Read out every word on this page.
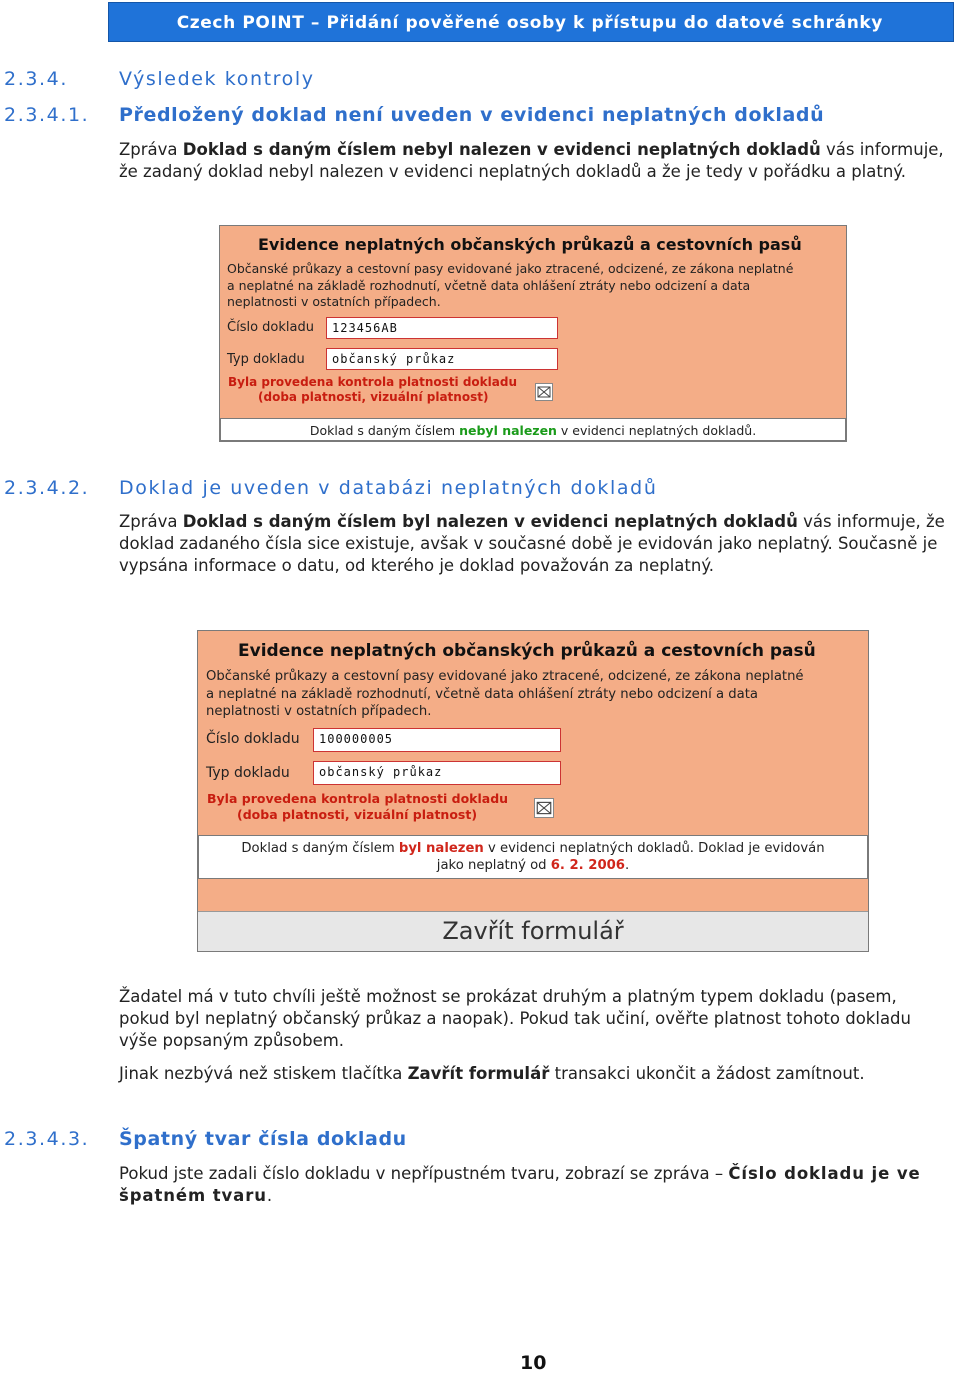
Czech POINT – Přidání pověřené osoby k přístupu do datové schránky
2.3.4.	Výsledek kontroly
2.3.4.1. Předložený doklad není uveden v evidenci neplatných dokladů
Zpráva Doklad s daným číslem nebyl nalezen v evidenci neplatných dokladů vás informuje, že zadaný doklad nebyl nalezen v evidenci neplatných dokladů a že je tedy v pořádku a platný.
Evidence neplatných občanských průkazů a cestovních pasů
Občanské průkazy a cestovní pasy evidované jako ztracené, odcizené, ze zákona neplatné
a neplatné na základě rozhodnutí, včetně data ohlášení ztráty nebo odcizení a data
neplatnosti v ostatních případech.
Číslo dokladu	123456AB
Typ dokladu	občanský průkaz
Byla provedena kontrola platnosti dokladu
(doba platnosti, vizuální platnost)
Doklad s daným číslem nebyl nalezen v evidenci neplatných dokladů.
2.3.4.2. Doklad je uveden v databázi neplatných dokladů
Zpráva Doklad s daným číslem byl nalezen v evidenci neplatných dokladů vás informuje, že doklad zadaného čísla sice existuje, avšak v současné době je evidován jako neplatný. Současně je vypsána informace o datu, od kterého je doklad považován za neplatný.
Evidence neplatných občanských průkazů a cestovních pasů
Občanské průkazy a cestovní pasy evidované jako ztracené, odcizené, ze zákona neplatné
a neplatné na základě rozhodnutí, včetně data ohlášení ztráty nebo odcizení a data
neplatnosti v ostatních případech.
Číslo dokladu	100000005
Typ dokladu	občanský průkaz
Byla provedena kontrola platnosti dokladu
(doba platnosti, vizuální platnost)
Doklad s daným číslem byl nalezen v evidenci neplatných dokladů. Doklad je evidován
jako neplatný od 6. 2. 2006.
Zavřít formulář
Žadatel má v tuto chvíli ještě možnost se prokázat druhým a platným typem dokladu (pasem, pokud byl neplatný občanský průkaz a naopak). Pokud tak učiní, ověřte platnost tohoto dokladu výše popsaným způsobem.
Jinak nezbývá než stiskem tlačítka Zavřít formulář transakci ukončit a žádost zamítnout.
2.3.4.3. Špatný tvar čísla dokladu
Pokud jste zadali číslo dokladu v nepřípustném tvaru, zobrazí se zpráva – Číslo dokladu je ve špatném tvaru.
10
